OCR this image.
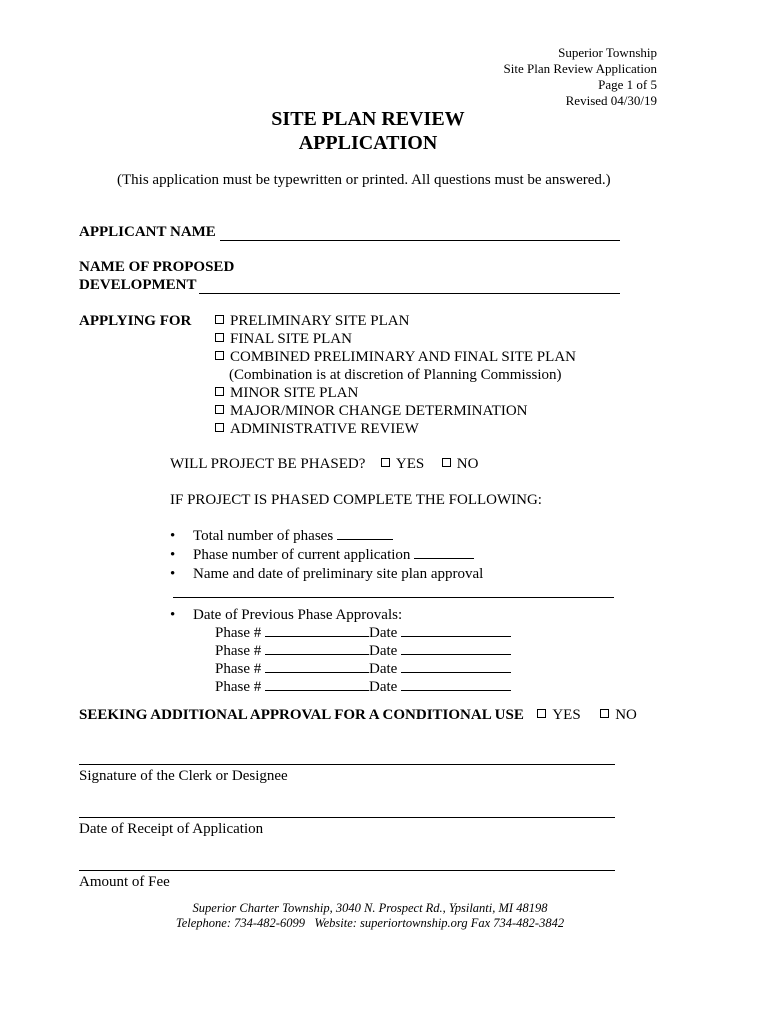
Superior Township
Site Plan Review Application
Page 1 of 5
Revised 04/30/19
SITE PLAN REVIEW
APPLICATION
(This application must be typewritten or printed. All questions must be answered.)
APPLICANT NAME
NAME OF PROPOSED
DEVELOPMENT
APPLYING FOR	PRELIMINARY SITE PLAN
FINAL SITE PLAN
COMBINED PRELIMINARY AND FINAL SITE PLAN
(Combination is at discretion of Planning Commission)
MINOR SITE PLAN
MAJOR/MINOR CHANGE DETERMINATION
ADMINISTRATIVE REVIEW
WILL PROJECT BE PHASED? YES NO
IF PROJECT IS PHASED COMPLETE THE FOLLOWING:
• Total number of phases
• Phase number of current application
• Name and date of preliminary site plan approval
• Date of Previous Phase Approvals:
Phase #	Date
Phase #	Date
Phase #	Date
Phase #	Date
SEEKING ADDITIONAL APPROVAL FOR A CONDITIONAL USE YES NO
Signature of the Clerk or Designee
Date of Receipt of Application
Amount of Fee
Superior Charter Township, 3040 N. Prospect Rd., Ypsilanti, MI 48198
Telephone: 734-482-6099   Website: superiortownship.org Fax 734-482-3842
